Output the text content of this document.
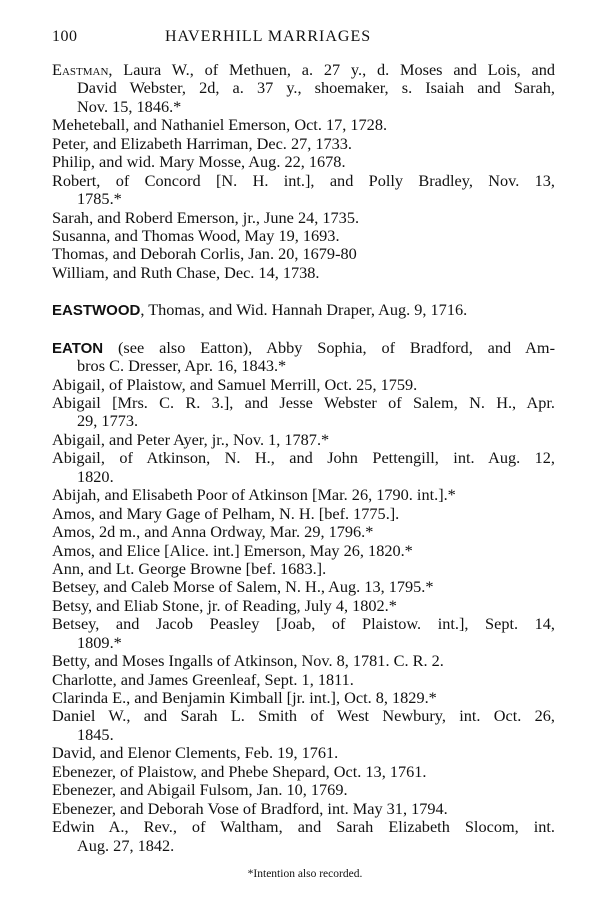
100	HAVERHILL MARRIAGES
Eastman, Laura W., of Methuen, a. 27 y., d. Moses and Lois, and
David Webster, 2d, a. 37 y., shoemaker, s. Isaiah and Sarah,
Nov. 15, 1846.*
Meheteball, and Nathaniel Emerson, Oct. 17, 1728.
Peter, and Elizabeth Harriman, Dec. 27, 1733.
Philip, and wid. Mary Mosse, Aug. 22, 1678.
Robert, of Concord [N. H. int.], and Polly Bradley, Nov. 13,
1785.*
Sarah, and Roberd Emerson, jr., June 24, 1735.
Susanna, and Thomas Wood, May 19, 1693.
Thomas, and Deborah Corlis, Jan. 20, 1679-80
William, and Ruth Chase, Dec. 14, 1738.
EASTWOOD, Thomas, and Wid. Hannah Draper, Aug. 9, 1716.
EATON (see also Eatton), Abby Sophia, of Bradford, and Am-
bros C. Dresser, Apr. 16, 1843.*
Abigail, of Plaistow, and Samuel Merrill, Oct. 25, 1759.
Abigail [Mrs. C. R. 3.], and Jesse Webster of Salem, N. H., Apr.
29, 1773.
Abigail, and Peter Ayer, jr., Nov. 1, 1787.*
Abigail, of Atkinson, N. H., and John Pettengill, int. Aug. 12,
1820.
Abijah, and Elisabeth Poor of Atkinson [Mar. 26, 1790. int.].*
Amos, and Mary Gage of Pelham, N. H. [bef. 1775.].
Amos, 2d m., and Anna Ordway, Mar. 29, 1796.*
Amos, and Elice [Alice. int.] Emerson, May 26, 1820.*
Ann, and Lt. George Browne [bef. 1683.].
Betsey, and Caleb Morse of Salem, N. H., Aug. 13, 1795.*
Betsy, and Eliab Stone, jr. of Reading, July 4, 1802.*
Betsey, and Jacob Peasley [Joab, of Plaistow. int.], Sept. 14,
1809.*
Betty, and Moses Ingalls of Atkinson, Nov. 8, 1781. C. R. 2.
Charlotte, and James Greenleaf, Sept. 1, 1811.
Clarinda E., and Benjamin Kimball [jr. int.], Oct. 8, 1829.*
Daniel W., and Sarah L. Smith of West Newbury, int. Oct. 26,
1845.
David, and Elenor Clements, Feb. 19, 1761.
Ebenezer, of Plaistow, and Phebe Shepard, Oct. 13, 1761.
Ebenezer, and Abigail Fulsom, Jan. 10, 1769.
Ebenezer, and Deborah Vose of Bradford, int. May 31, 1794.
Edwin A., Rev., of Waltham, and Sarah Elizabeth Slocom, int.
Aug. 27, 1842.
*Intention also recorded.
